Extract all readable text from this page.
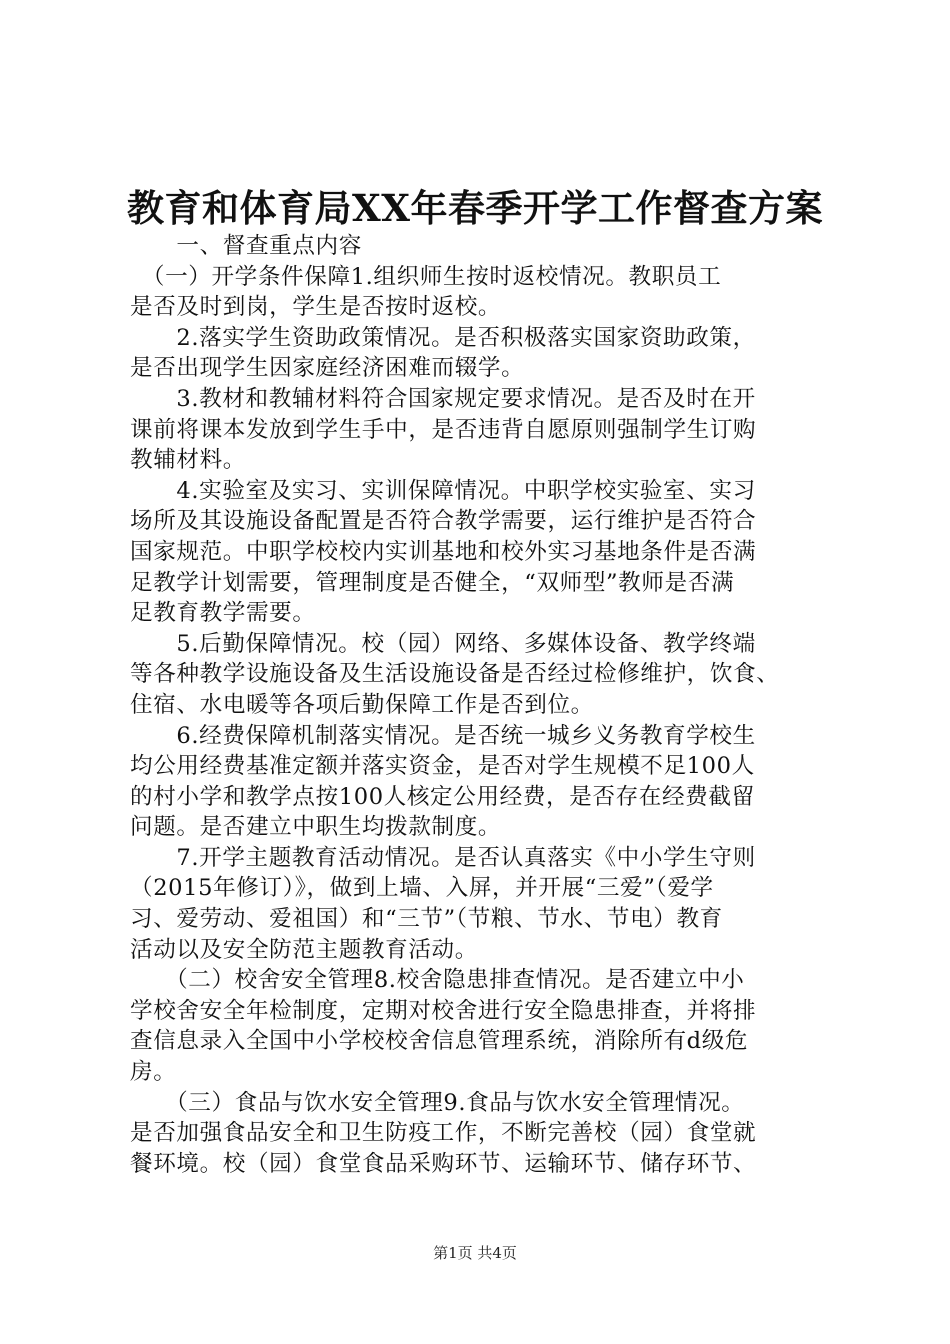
教育和体育局XX年春季开学工作督查方案
　　一、督查重点内容
　（一）开学条件保障1.组织师生按时返校情况。教职员工
是否及时到岗，学生是否按时返校。
　　2.落实学生资助政策情况。是否积极落实国家资助政策，
是否出现学生因家庭经济困难而辍学。
　　3.教材和教辅材料符合国家规定要求情况。是否及时在开
课前将课本发放到学生手中，是否违背自愿原则强制学生订购
教辅材料。
　　4.实验室及实习、实训保障情况。中职学校实验室、实习
场所及其设施设备配置是否符合教学需要，运行维护是否符合
国家规范。中职学校校内实训基地和校外实习基地条件是否满
足教学计划需要，管理制度是否健全，“双师型”教师是否满
足教育教学需要。
　　5.后勤保障情况。校（园）网络、多媒体设备、教学终端
等各种教学设施设备及生活设施设备是否经过检修维护，饮食、
住宿、水电暖等各项后勤保障工作是否到位。
　　6.经费保障机制落实情况。是否统一城乡义务教育学校生
均公用经费基准定额并落实资金，是否对学生规模不足100人
的村小学和教学点按100人核定公用经费，是否存在经费截留
问题。是否建立中职生均拨款制度。
　　7.开学主题教育活动情况。是否认真落实《中小学生守则
（2015年修订）》，做到上墙、入屏，并开展“三爱”（爱学
习、爱劳动、爱祖国）和“三节”（节粮、节水、节电）教育
活动以及安全防范主题教育活动。
　　（二）校舍安全管理8.校舍隐患排查情况。是否建立中小
学校舍安全年检制度，定期对校舍进行安全隐患排查，并将排
查信息录入全国中小学校校舍信息管理系统，消除所有d级危
房。
　　（三）食品与饮水安全管理9.食品与饮水安全管理情况。
是否加强食品安全和卫生防疫工作，不断完善校（园）食堂就
餐环境。校（园）食堂食品采购环节、运输环节、储存环节、
第1页 共4页
